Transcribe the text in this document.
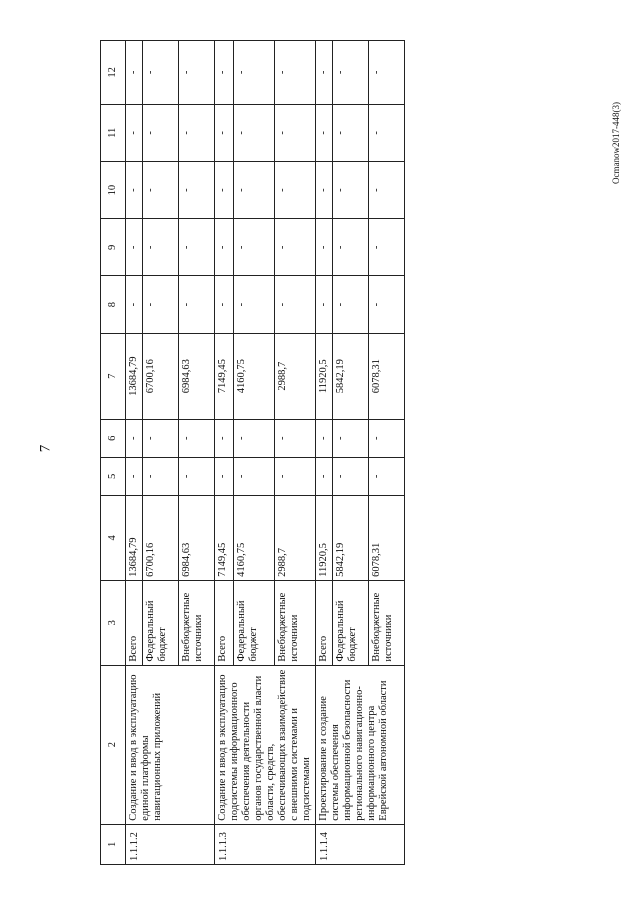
7
Ocmanow2017-448(3)
1	2	3	4	5	6	7	8	9	10	11	12
1.1.1.2	Создание и ввод в эксплуатацию единой платформы навигационных приложений	Всего	13684,79	-	-	13684,79	-	-	-	-	-
		Федеральный бюджет	6700,16	-	-	6700,16	-	-	-	-	-
		Внебюджетные источники	6984,63	-	-	6984,63	-	-	-	-	-
1.1.1.3	Создание и ввод в эксплуатацию подсистемы информационного обеспечения деятельности органов государственной власти области, средств, обеспечивающих взаимодействие с внешними системами и подсистемами	Всего	7149,45	-	-	7149,45	-	-	-	-	-
		Федеральный бюджет	4160,75	-	-	4160,75	-	-	-	-	-
		Внебюджетные источники	2988,7	-	-	2988,7	-	-	-	-	-
1.1.1.4	Проектирование и создание системы обеспечения информационной безопасности регионального навигационно-информационного центра Еврейской автономной области	Всего	11920,5	-	-	11920,5	-	-	-	-	-
		Федеральный бюджет	5842,19	-	-	5842,19	-	-	-	-	-
		Внебюджетные источники	6078,31	-	-	6078,31	-	-	-	-	-
